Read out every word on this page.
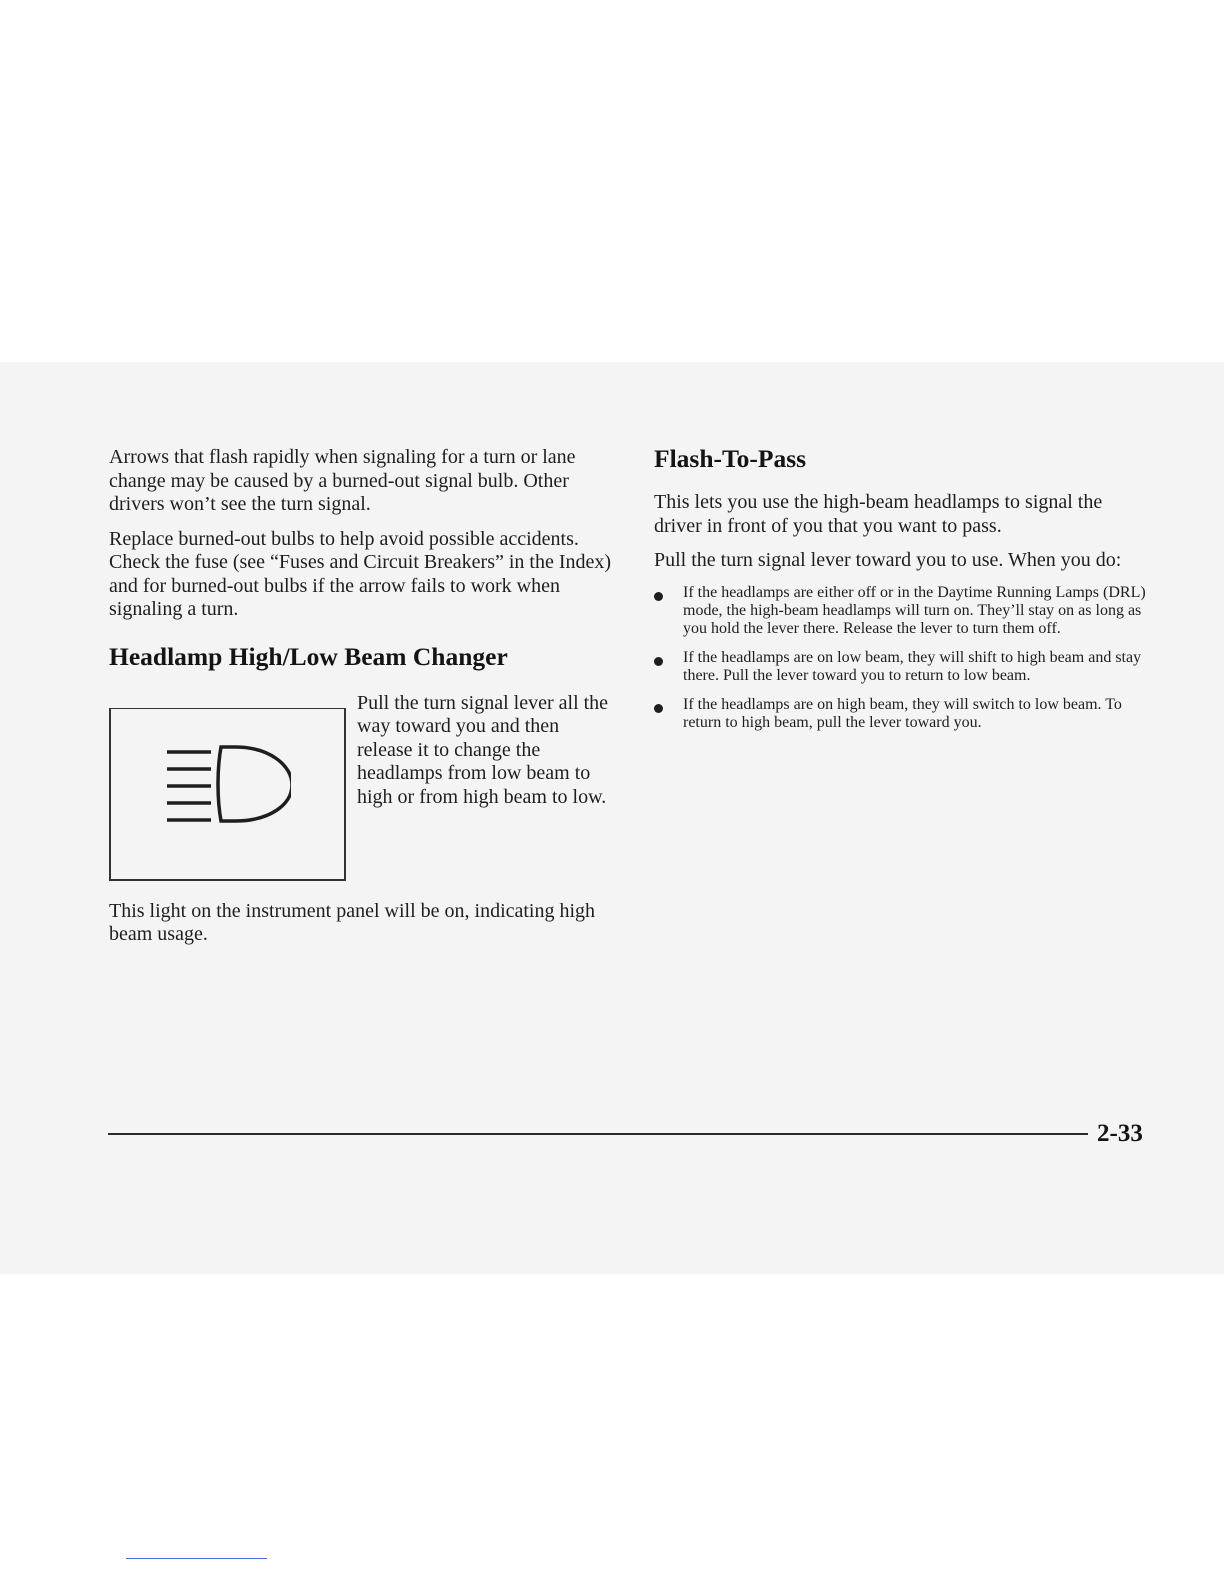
Arrows that flash rapidly when signaling for a turn or lane change may be caused by a burned-out signal bulb. Other drivers won’t see the turn signal.

Replace burned-out bulbs to help avoid possible accidents. Check the fuse (see “Fuses and Circuit Breakers” in the Index) and for burned-out bulbs if the arrow fails to work when signaling a turn.

Headlamp High/Low Beam Changer

Pull the turn signal lever all the way toward you and then release it to change the headlamps from low beam to high or from high beam to low.

This light on the instrument panel will be on, indicating high beam usage.

Flash-To-Pass

This lets you use the high-beam headlamps to signal the driver in front of you that you want to pass.

Pull the turn signal lever toward you to use. When you do:

If the headlamps are either off or in the Daytime Running Lamps (DRL) mode, the high-beam headlamps will turn on. They’ll stay on as long as you hold the lever there. Release the lever to turn them off.
If the headlamps are on low beam, they will shift to high beam and stay there. Pull the lever toward you to return to low beam.
If the headlamps are on high beam, they will switch to low beam. To return to high beam, pull the lever toward you.
2-33
